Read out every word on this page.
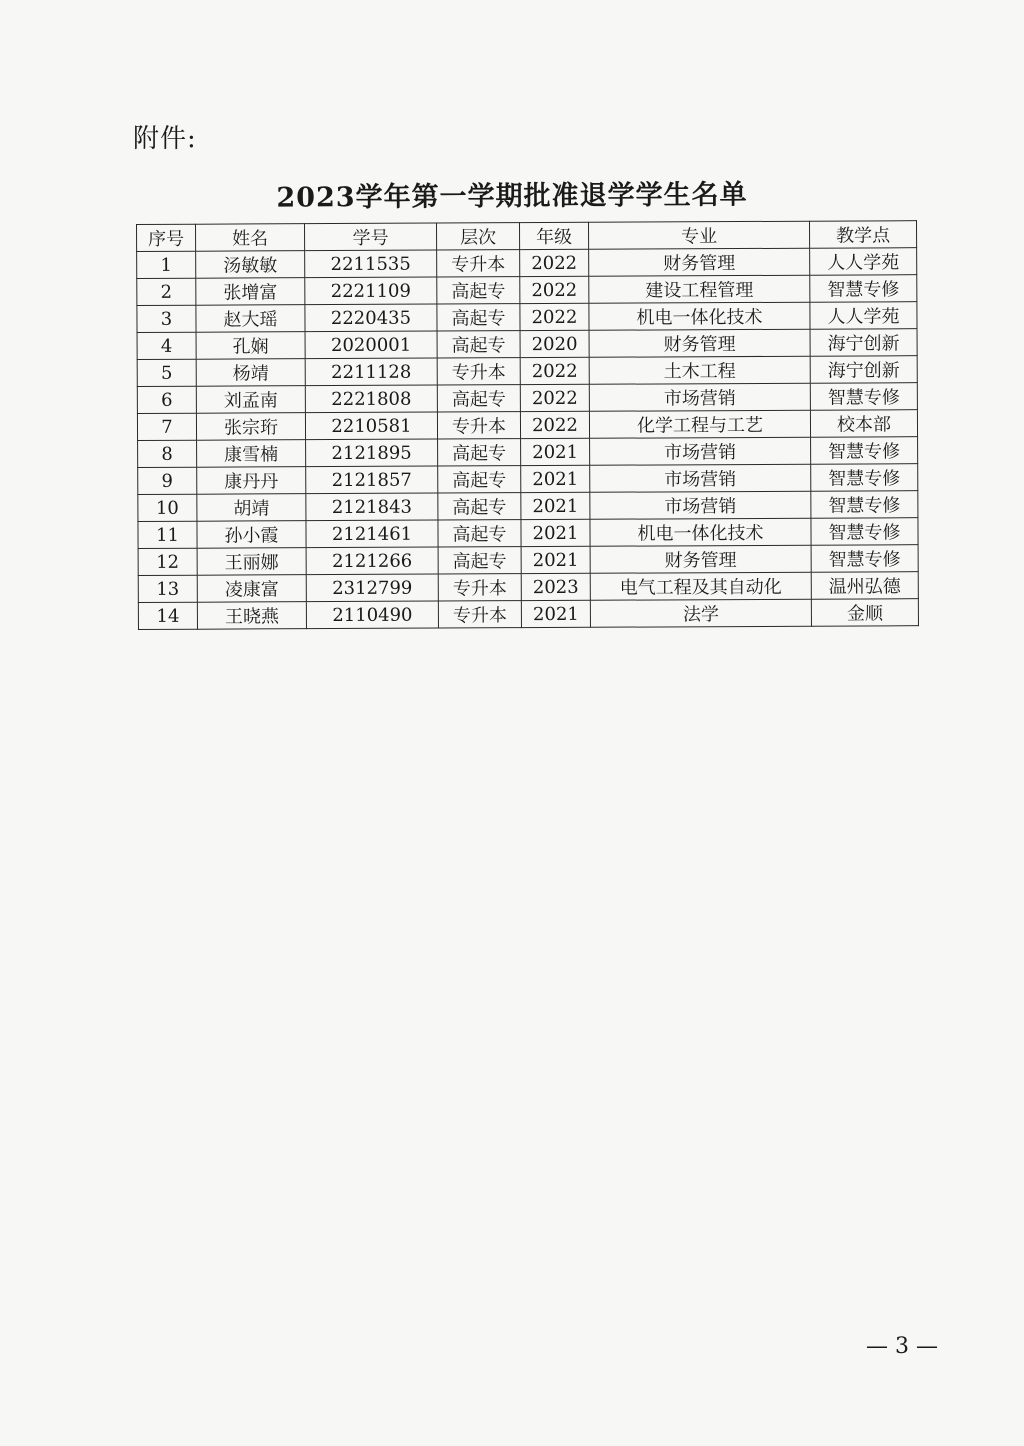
附件:
2023学年第一学期批准退学学生名单
序号	姓名	学号	层次	年级	专业	教学点
1	汤敏敏	2211535	专升本	2022	财务管理	人人学苑
2	张增富	2221109	高起专	2022	建设工程管理	智慧专修
3	赵大瑶	2220435	高起专	2022	机电一体化技术	人人学苑
4	孔娴	2020001	高起专	2020	财务管理	海宁创新
5	杨靖	2211128	专升本	2022	土木工程	海宁创新
6	刘孟南	2221808	高起专	2022	市场营销	智慧专修
7	张宗珩	2210581	专升本	2022	化学工程与工艺	校本部
8	康雪楠	2121895	高起专	2021	市场营销	智慧专修
9	康丹丹	2121857	高起专	2021	市场营销	智慧专修
10	胡靖	2121843	高起专	2021	市场营销	智慧专修
11	孙小霞	2121461	高起专	2021	机电一体化技术	智慧专修
12	王丽娜	2121266	高起专	2021	财务管理	智慧专修
13	凌康富	2312799	专升本	2023	电气工程及其自动化	温州弘德
14	王晓燕	2110490	专升本	2021	法学	金顺
— 3 —
